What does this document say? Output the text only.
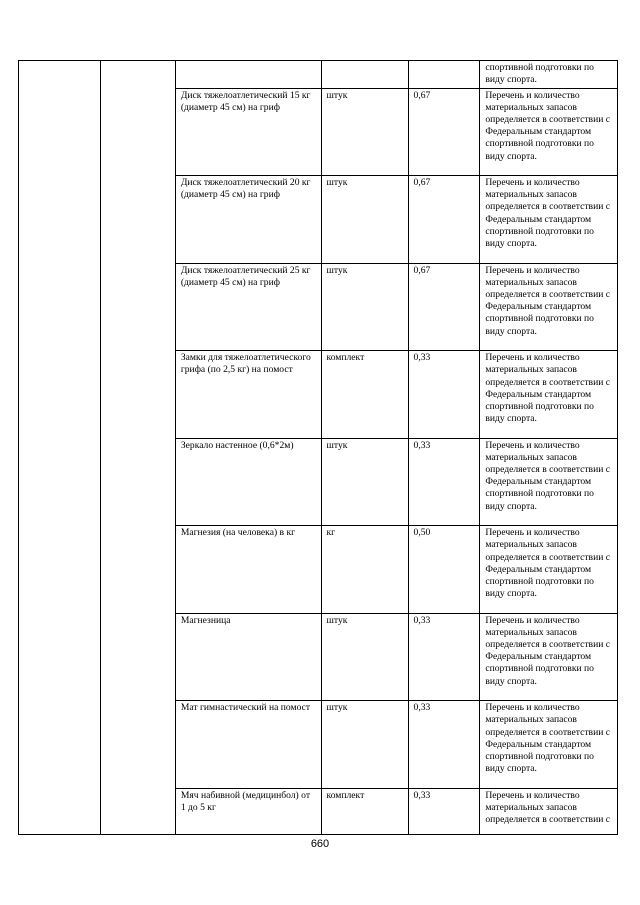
					спортивной подготовки по виду спорта.
		Диск тяжелоатлетический 15 кг (диаметр 45 см) на гриф	штук	0,67	Перечень и количество материальных запасов определяется в соответствии с Федеральным стандартом спортивной подготовки по виду спорта.
		Диск тяжелоатлетический 20 кг (диаметр 45 см) на гриф	штук	0,67	Перечень и количество материальных запасов определяется в соответствии с Федеральным стандартом спортивной подготовки по виду спорта.
		Диск тяжелоатлетический 25 кг (диаметр 45 см) на гриф	штук	0,67	Перечень и количество материальных запасов определяется в соответствии с Федеральным стандартом спортивной подготовки по виду спорта.
		Замки для тяжелоатлетического грифа (по 2,5 кг) на помост	комплект	0,33	Перечень и количество материальных запасов определяется в соответствии с Федеральным стандартом спортивной подготовки по виду спорта.
		Зеркало настенное (0,6*2м)	штук	0,33	Перечень и количество материальных запасов определяется в соответствии с Федеральным стандартом спортивной подготовки по виду спорта.
		Магнезия (на человека) в кг	кг	0,50	Перечень и количество материальных запасов определяется в соответствии с Федеральным стандартом спортивной подготовки по виду спорта.
		Магнезница	штук	0,33	Перечень и количество материальных запасов определяется в соответствии с Федеральным стандартом спортивной подготовки по виду спорта.
		Мат гимнастический на помост	штук	0,33	Перечень и количество материальных запасов определяется в соответствии с Федеральным стандартом спортивной подготовки по виду спорта.
		Мяч набивной (медицинбол) от 1 до 5 кг	комплект	0,33	Перечень и количество материальных запасов определяется в соответствии с
660
